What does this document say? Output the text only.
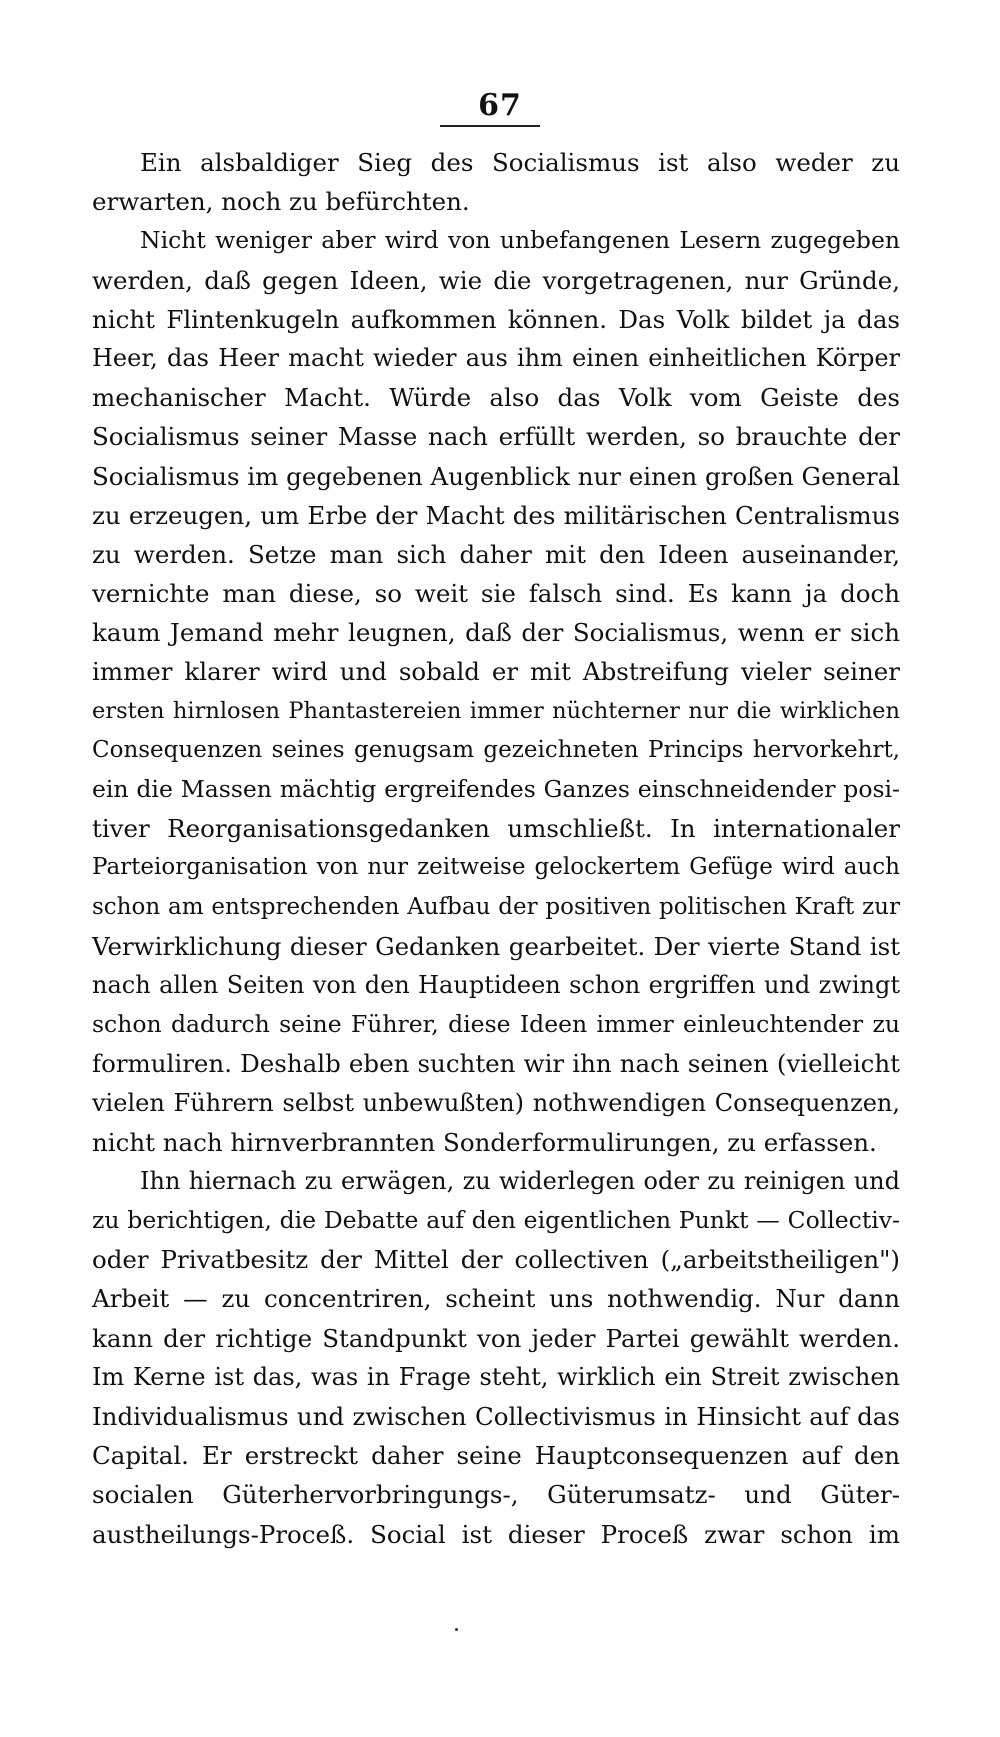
67
Ein alsbaldiger Sieg des Socialismus ist also weder zu
erwarten, noch zu befürchten.
Nicht weniger aber wird von unbefangenen Lesern zugegeben
werden, daß gegen Ideen, wie die vorgetragenen, nur Gründe,
nicht Flintenkugeln aufkommen können. Das Volk bildet ja das
Heer, das Heer macht wieder aus ihm einen einheitlichen Körper
mechanischer Macht. Würde also das Volk vom Geiste des
Socialismus seiner Masse nach erfüllt werden, so brauchte der
Socialismus im gegebenen Augenblick nur einen großen General
zu erzeugen, um Erbe der Macht des militärischen Centralismus
zu werden. Setze man sich daher mit den Ideen auseinander,
vernichte man diese, so weit sie falsch sind. Es kann ja doch
kaum Jemand mehr leugnen, daß der Socialismus, wenn er sich
immer klarer wird und sobald er mit Abstreifung vieler seiner
ersten hirnlosen Phantastereien immer nüchterner nur die wirklichen
Consequenzen seines genugsam gezeichneten Princips hervorkehrt,
ein die Massen mächtig ergreifendes Ganzes einschneidender posi-
tiver Reorganisationsgedanken umschließt. In internationaler
Parteiorganisation von nur zeitweise gelockertem Gefüge wird auch
schon am entsprechenden Aufbau der positiven politischen Kraft zur
Verwirklichung dieser Gedanken gearbeitet. Der vierte Stand ist
nach allen Seiten von den Hauptideen schon ergriffen und zwingt
schon dadurch seine Führer, diese Ideen immer einleuchtender zu
formuliren. Deshalb eben suchten wir ihn nach seinen (vielleicht
vielen Führern selbst unbewußten) nothwendigen Consequenzen,
nicht nach hirnverbrannten Sonderformulirungen, zu erfassen.
Ihn hiernach zu erwägen, zu widerlegen oder zu reinigen und
zu berichtigen, die Debatte auf den eigentlichen Punkt — Collectiv-
oder Privatbesitz der Mittel der collectiven („arbeitstheiligen")
Arbeit — zu concentriren, scheint uns nothwendig. Nur dann
kann der richtige Standpunkt von jeder Partei gewählt werden.
Im Kerne ist das, was in Frage steht, wirklich ein Streit zwischen
Individualismus und zwischen Collectivismus in Hinsicht auf das
Capital. Er erstreckt daher seine Hauptconsequenzen auf den
socialen Güterhervorbringungs-, Güterumsatz- und Güter-
austheilungs-Proceß. Social ist dieser Proceß zwar schon im
